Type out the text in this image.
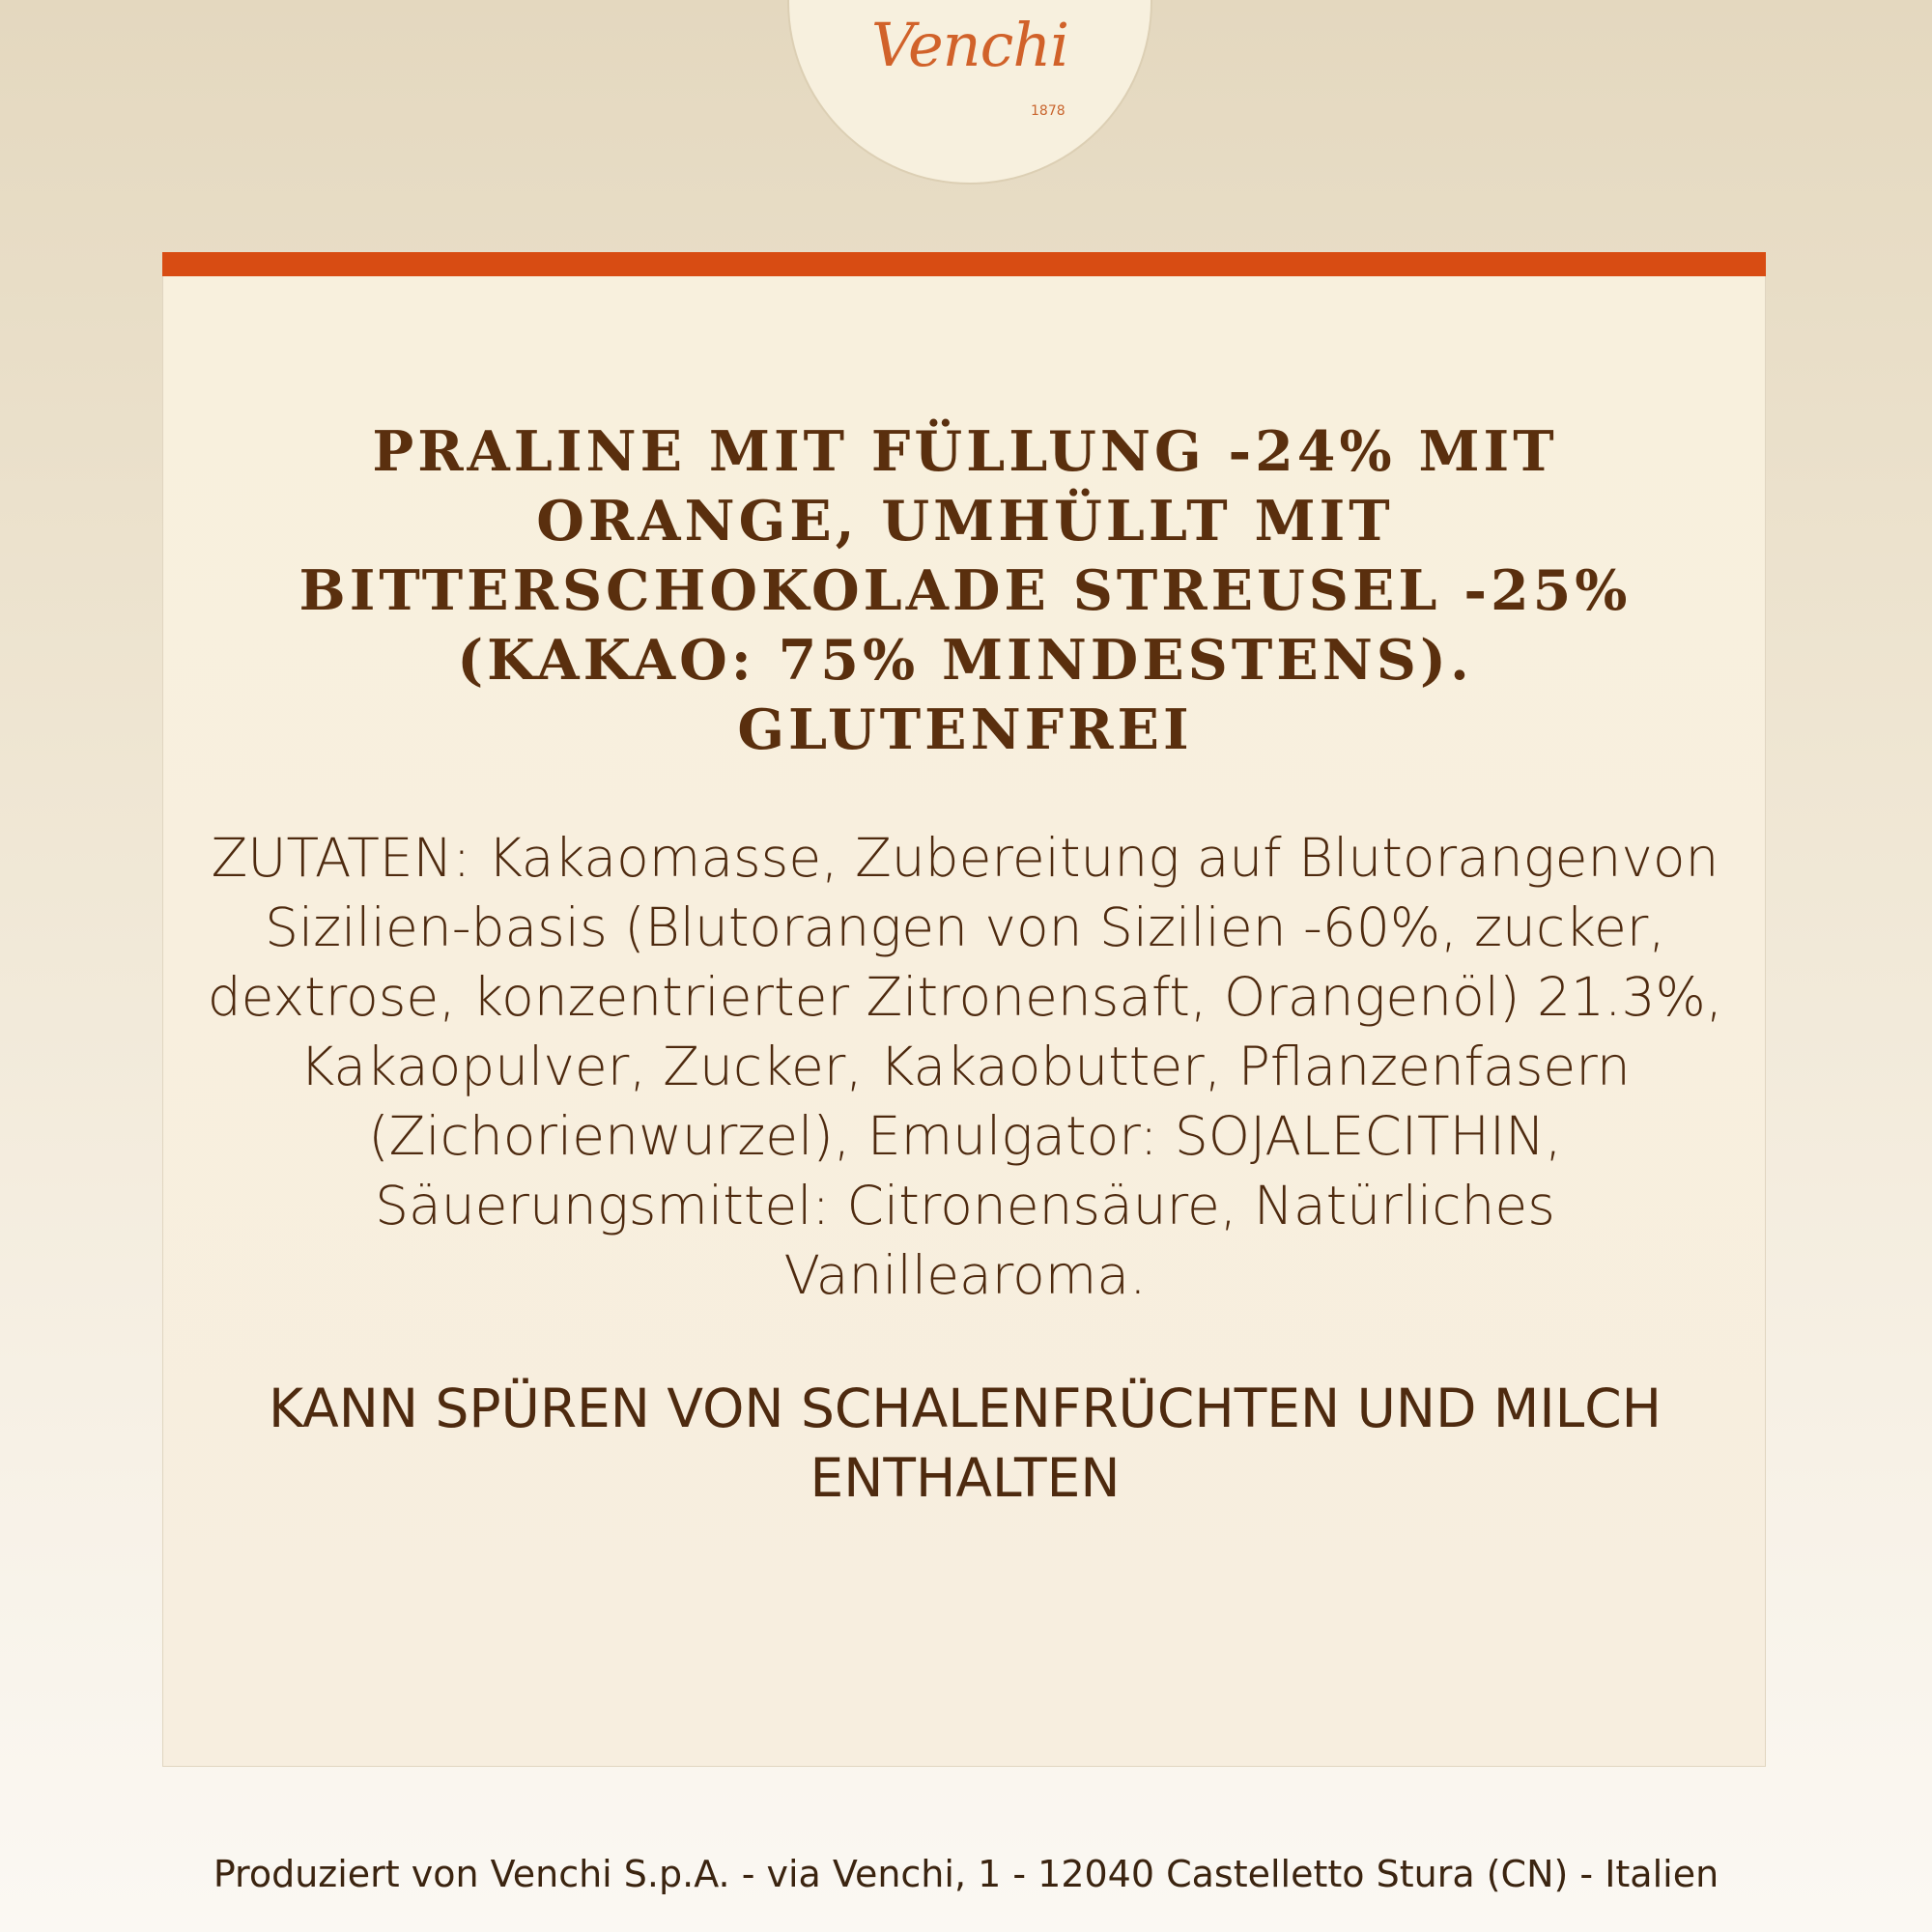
Venchi
1878
PRALINE MIT FÜLLUNG -24% MIT ORANGE, UMHÜLLT MIT BITTERSCHOKOLADE STREUSEL -25% (KAKAO: 75% MINDESTENS). GLUTENFREI
ZUTATEN: Kakaomasse, Zubereitung auf Blutorangenvon Sizilien-basis (Blutorangen von Sizilien -60%, zucker, dextrose, konzentrierter Zitronensaft, Orangenöl) 21.3%, Kakaopulver, Zucker, Kakaobutter, Pflanzenfasern (Zichorienwurzel), Emulgator: SOJALECITHIN, Säuerungsmittel: Citronensäure, Natürliches Vanillearoma.
KANN SPÜREN VON SCHALENFRÜCHTEN UND MILCH ENTHALTEN
Produziert von Venchi S.p.A. - via Venchi, 1 - 12040 Castelletto Stura (CN) - Italien
